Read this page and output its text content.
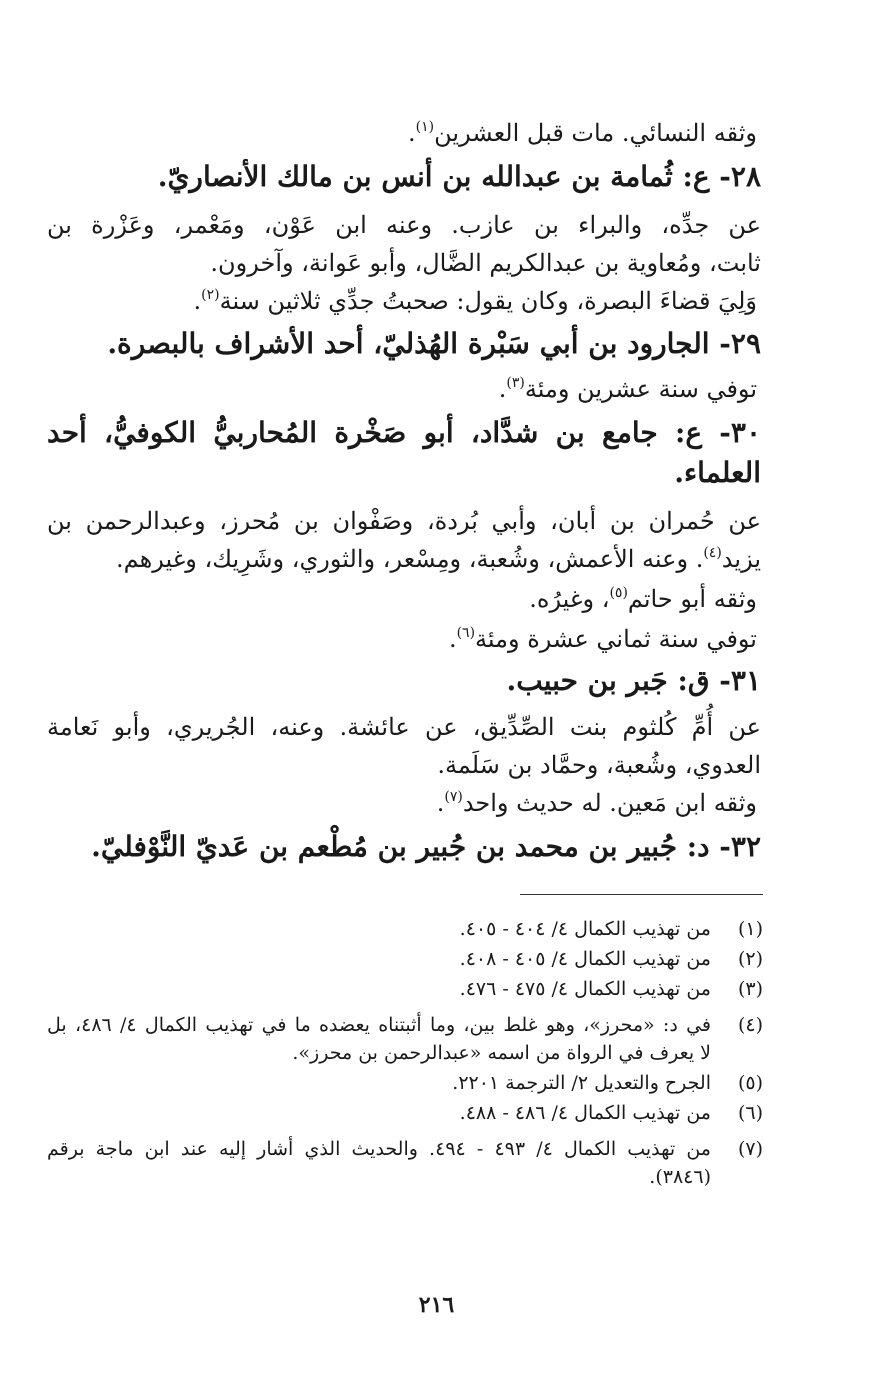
وثقه النسائي. مات قبل العشرين$^{(١)}$.
٢٨- ع: ثُمامة بن عبدالله بن أنس بن مالك الأنصاريّ.
عن جدِّه، والبراء بن عازب. وعنه ابن عَوْن، ومَعْمر، وعَزْرة بن
ثابت، ومُعاوية بن عبدالكريم الضَّال، وأبو عَوانة، وآخرون.
وَلِيَ قضاءَ البصرة، وكان يقول: صحبتُ جدِّي ثلاثين سنة$^{(٢)}$.
٢٩- الجارود بن أبي سَبْرة الهُذليّ، أحد الأشراف بالبصرة.
توفي سنة عشرين ومئة$^{(٣)}$.
٣٠- ع: جامع بن شدَّاد، أبو صَخْرة المُحاربيُّ الكوفيُّ، أحد
العلماء.
عن حُمران بن أبان، وأبي بُردة، وصَفْوان بن مُحرز، وعبدالرحمن بن
يزيد$^{(٤)}$. وعنه الأعمش، وشُعبة، ومِسْعر، والثوري، وشَرِيك، وغيرهم.
وثقه أبو حاتم$^{(٥)}$، وغيرُه.
توفي سنة ثماني عشرة ومئة$^{(٦)}$.
٣١- ق: جَبر بن حبيب.
عن أُمِّ كُلثوم بنت الصِّدِّيق، عن عائشة. وعنه، الجُريري، وأبو نَعامة
العدوي، وشُعبة، وحمَّاد بن سَلَمة.
وثقه ابن مَعين. له حديث واحد$^{(٧)}$.
٣٢- د: جُبير بن محمد بن جُبير بن مُطْعم بن عَديّ النَّوْفليّ.
(١)
من تهذيب الكمال ٤/ ٤٠٤ - ٤٠٥.
(٢)
من تهذيب الكمال ٤/ ٤٠٥ - ٤٠٨.
(٣)
من تهذيب الكمال ٤/ ٤٧٥ - ٤٧٦.
(٤)
في د: «محرز»، وهو غلط بين، وما أثبتناه يعضده ما في تهذيب الكمال ٤/ ٤٨٦، بل
لا يعرف في الرواة من اسمه «عبدالرحمن بن محرز».
(٥)
الجرح والتعديل ٢/ الترجمة ٢٢٠١.
(٦)
من تهذيب الكمال ٤/ ٤٨٦ - ٤٨٨.
(٧)
من تهذيب الكمال ٤/ ٤٩٣ - ٤٩٤. والحديث الذي أشار إليه عند ابن ماجة برقم
(٣٨٤٦).
٢١٦
